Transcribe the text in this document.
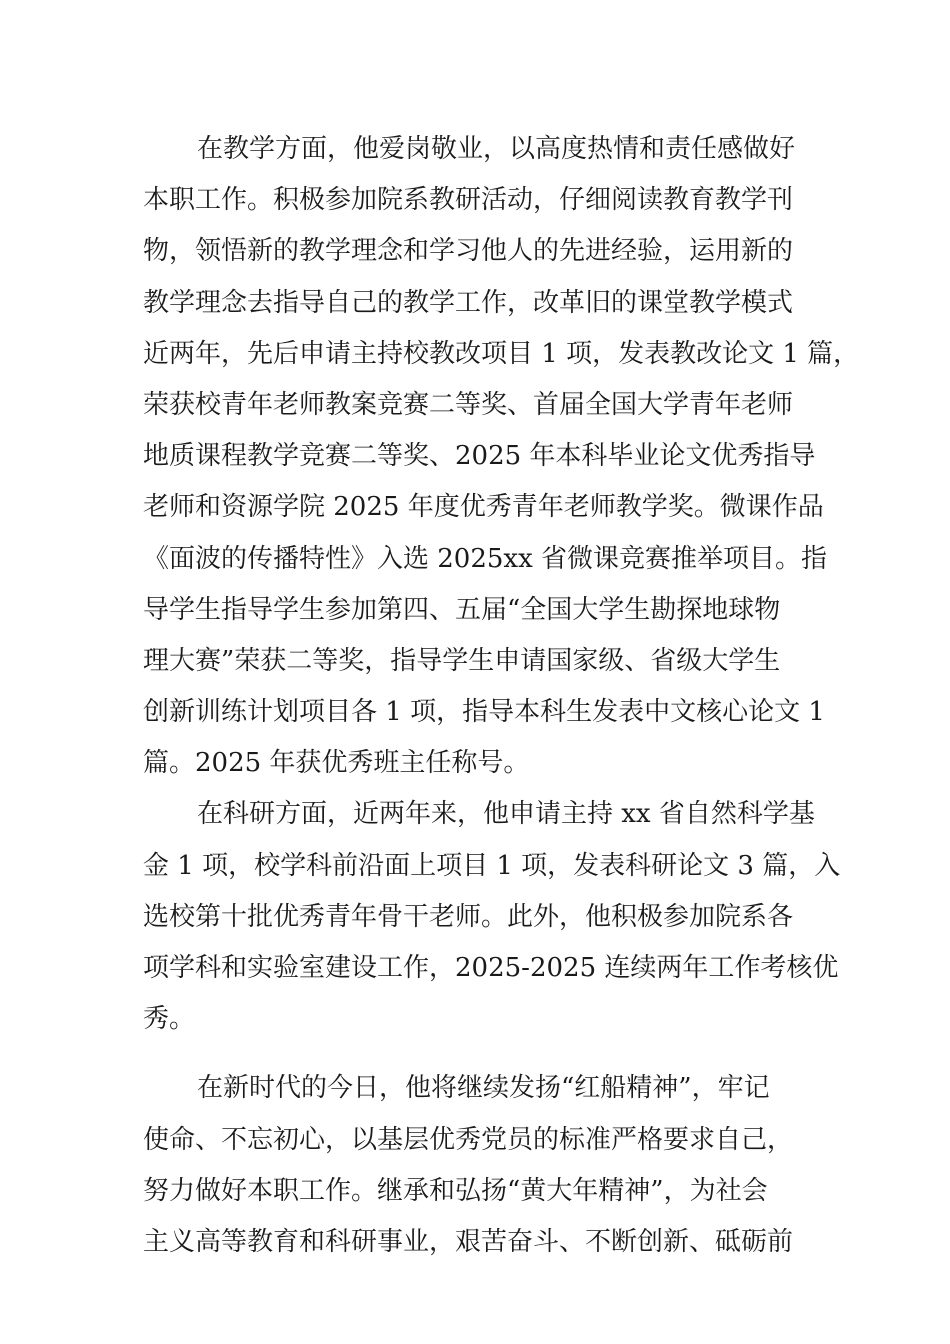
在教学方面，他爱岗敬业，以高度热情和责任感做好
本职工作。积极参加院系教研活动，仔细阅读教育教学刊
物，领悟新的教学理念和学习他人的先进经验，运用新的
教学理念去指导自己的教学工作，改革旧的课堂教学模式
近两年，先后申请主持校教改项目 1 项，发表教改论文 1 篇，
荣获校青年老师教案竞赛二等奖、首届全国大学青年老师
地质课程教学竞赛二等奖、2025 年本科毕业论文优秀指导
老师和资源学院 2025 年度优秀青年老师教学奖。微课作品
《面波的传播特性》入选 2025xx 省微课竞赛推举项目。指
导学生指导学生参加第四、五届“全国大学生勘探地球物
理大赛”荣获二等奖，指导学生申请国家级、省级大学生
创新训练计划项目各 1 项，指导本科生发表中文核心论文 1
篇。2025 年获优秀班主任称号。
在科研方面，近两年来，他申请主持 xx 省自然科学基
金 1 项，校学科前沿面上项目 1 项，发表科研论文 3 篇，入
选校第十批优秀青年骨干老师。此外，他积极参加院系各
项学科和实验室建设工作，2025-2025 连续两年工作考核优
秀。
在新时代的今日，他将继续发扬“红船精神”，牢记
使命、不忘初心，以基层优秀党员的标准严格要求自己，
努力做好本职工作。继承和弘扬“黄大年精神”，为社会
主义高等教育和科研事业，艰苦奋斗、不断创新、砥砺前
